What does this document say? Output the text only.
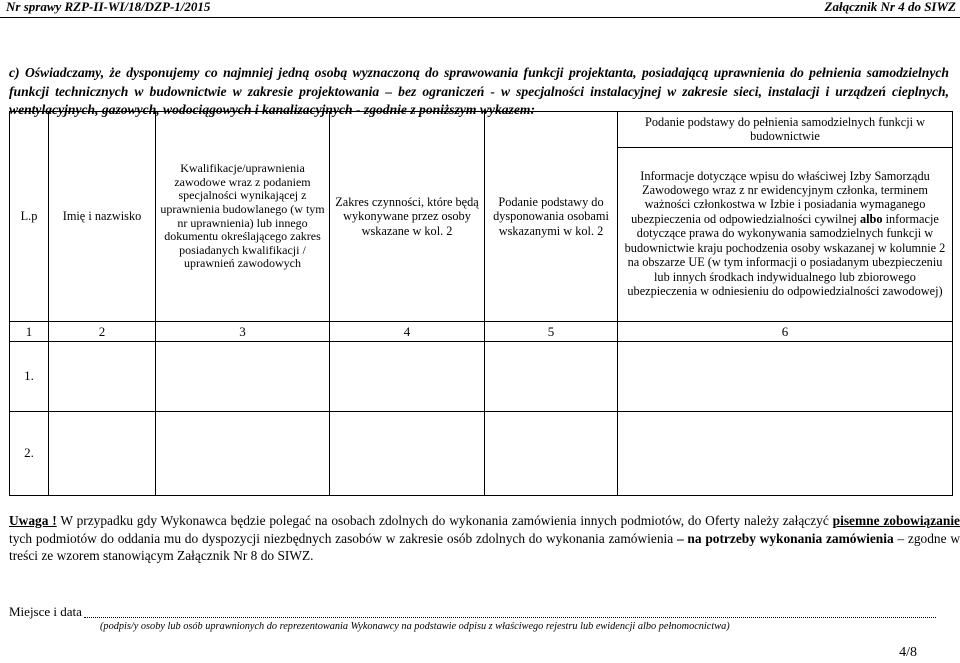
Nr sprawy RZP-II-WI/18/DZP-1/2015	Załącznik Nr 4 do SIWZ
c) Oświadczamy, że dysponujemy co najmniej jedną osobą wyznaczoną do sprawowania funkcji projektanta, posiadającą uprawnienia do pełnienia samodzielnych funkcji technicznych w budownictwie w zakresie projektowania – bez ograniczeń - w specjalności instalacyjnej w zakresie sieci, instalacji i urządzeń cieplnych, wentylacyjnych, gazowych, wodociągowych i kanalizacyjnych - zgodnie z poniższym wykazem:
L.p	Imię i nazwisko	Kwalifikacje/uprawnienia zawodowe wraz z podaniem specjalności wynikającej z uprawnienia budowlanego (w tym nr uprawnienia) lub innego dokumentu określającego zakres posiadanych kwalifikacji / uprawnień zawodowych	Zakres czynności, które będą wykonywane przez osoby wskazane w kol. 2	Podanie podstawy do dysponowania osobami wskazanymi w kol. 2	Podanie podstawy do pełnienia samodzielnych funkcji w budownictwie
					Informacje dotyczące wpisu do właściwej Izby Samorządu Zawodowego wraz z nr ewidencyjnym członka, terminem ważności członkostwa w Izbie i posiadania wymaganego ubezpieczenia od odpowiedzialności cywilnej albo informacje dotyczące prawa do wykonywania samodzielnych funkcji w budownictwie kraju pochodzenia osoby wskazanej w kolumnie 2 na obszarze UE (w tym informacji o posiadanym ubezpieczeniu lub innych środkach indywidualnego lub zbiorowego ubezpieczenia w odniesieniu do odpowiedzialności zawodowej)
1	2	3	4	5	6
1.					
2.					
Uwaga ! W przypadku gdy Wykonawca będzie polegać na osobach zdolnych do wykonania zamówienia innych podmiotów, do Oferty należy załączyć pisemne zobowiązanie tych podmiotów do oddania mu do dyspozycji niezbędnych zasobów w zakresie osób zdolnych do wykonania zamówienia – na potrzeby wykonania zamówienia – zgodne w treści ze wzorem stanowiącym Załącznik Nr 8 do SIWZ.
Miejsce i data
(podpis/y osoby lub osób uprawnionych do reprezentowania Wykonawcy na podstawie odpisu z właściwego rejestru lub ewidencji albo pełnomocnictwa)
4/8
